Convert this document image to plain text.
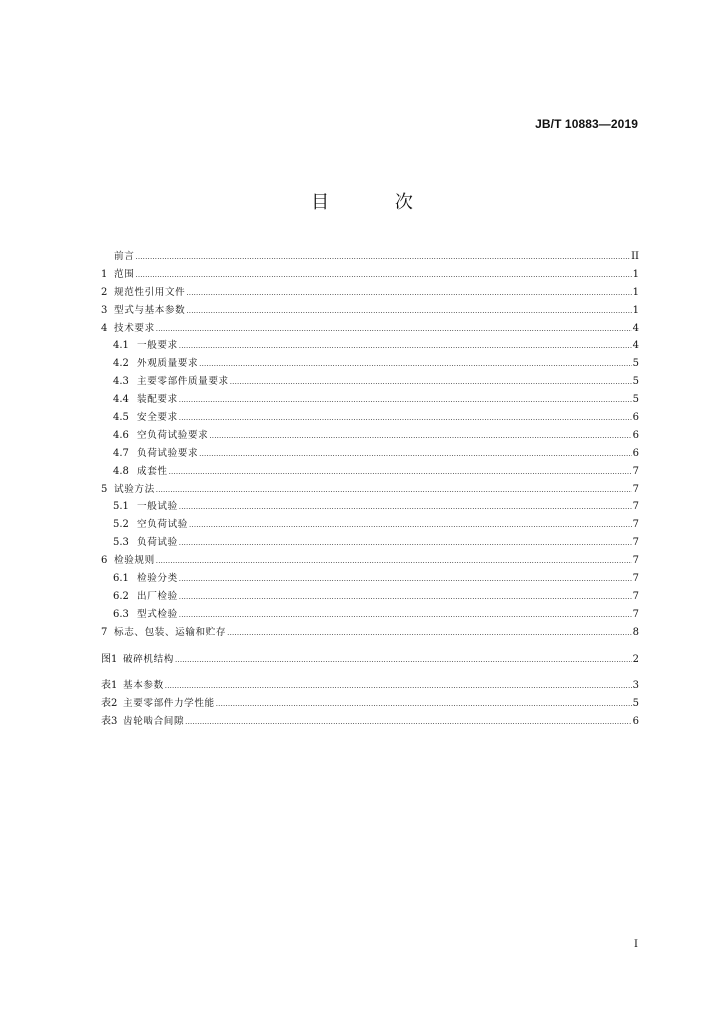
JB/T 10883—2019
目 次
前言 .....	II
1 范围 .....	1
2 规范性引用文件 .....	1
3 型式与基本参数 .....	1
4 技术要求 .....	4
4.1 一般要求 .....	4
4.2 外观质量要求 .....	5
4.3 主要零部件质量要求 .....	5
4.4 装配要求 .....	5
4.5 安全要求 .....	6
4.6 空负荷试验要求 .....	6
4.7 负荷试验要求 .....	6
4.8 成套性 .....	7
5 试验方法 .....	7
5.1 一般试验 .....	7
5.2 空负荷试验 .....	7
5.3 负荷试验 .....	7
6 检验规则 .....	7
6.1 检验分类 .....	7
6.2 出厂检验 .....	7
6.3 型式检验 .....	7
7 标志、包装、运输和贮存 .....	8
图1 破碎机结构 .....	2
表1 基本参数 .....	3
表2 主要零部件力学性能 .....	5
表3 齿轮啮合间隙 .....	6
I
